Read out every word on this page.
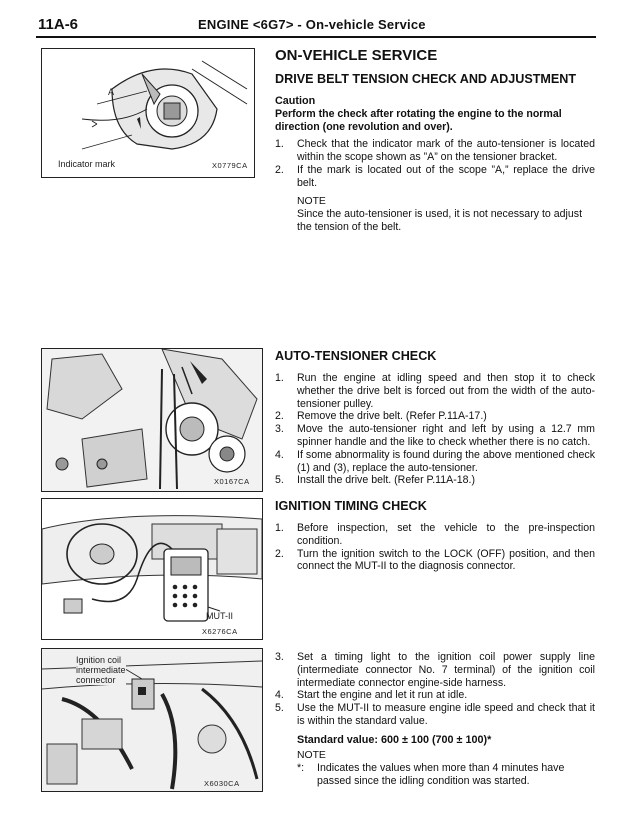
11A-6	ENGINE <6G7> - On-vehicle Service
A
Indicator mark	X0779CA
ON-VEHICLE SERVICE
DRIVE BELT TENSION CHECK AND ADJUSTMENT
Caution
Perform the check after rotating the engine to the normal direction (one revolution and over).
1. Check that the indicator mark of the auto-tensioner is located within the scope shown as ”A” on the tensioner bracket.
2. If the mark is located out of the scope ”A,” replace the drive belt.
NOTE
Since the auto-tensioner is used, it is not necessary to adjust the tension of the belt.
X0167CA
AUTO-TENSIONER CHECK
1. Run the engine at idling speed and then stop it to check whether the drive belt is forced out from the width of the auto-tensioner pulley.
2. Remove the drive belt. (Refer P.11A-17.)
3. Move the auto-tensioner right and left by using a 12.7 mm spinner handle and the like to check whether there is no catch.
4. If some abnormality is found during the above mentioned check (1) and (3), replace the auto-tensioner.
5. Install the drive belt. (Refer P.11A-18.)
MUT-II
X6276CA
IGNITION TIMING CHECK
1. Before inspection, set the vehicle to the pre-inspection condition.
2. Turn the ignition switch to the LOCK (OFF) position, and then connect the MUT-II to the diagnosis connector.
Ignition coil
intermediate
connector
X6030CA
3. Set a timing light to the ignition coil power supply line (intermediate connector No. 7 terminal) of the ignition coil intermediate connector engine-side harness.
4. Start the engine and let it run at idle.
5. Use the MUT-II to measure engine idle speed and check that it is within the standard value.
Standard value: 600 ± 100 (700 ± 100)*
NOTE
*:	Indicates the values when more than 4 minutes have passed since the idling condition was started.
